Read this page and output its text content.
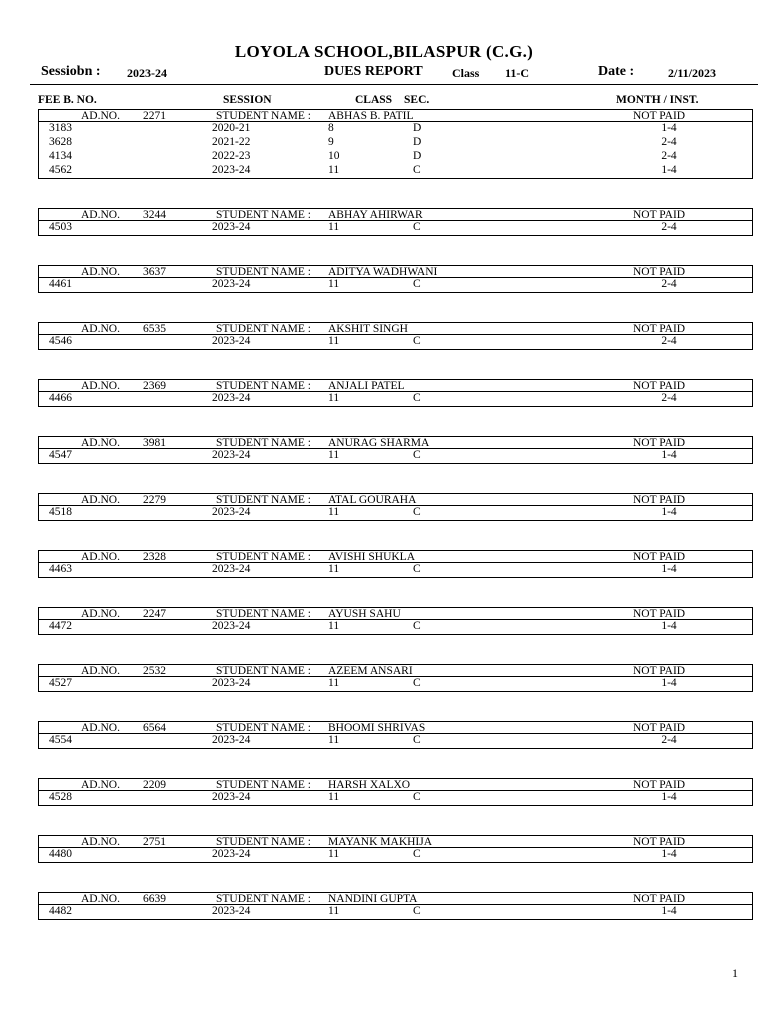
LOYOLA SCHOOL,BILASPUR (C.G.)
Sessiobn : 2023-24	DUES REPORT Class 11-C	Date :	2/11/2023
FEE B. NO.	SESSION	CLASS SEC.	MONTH / INST.
AD.NO. 2271	STUDENT NAME : ABHAS B. PATIL	NOT PAID
3183	2020-21	8	D	1-4
3628	2021-22	9	D	2-4
4134	2022-23	10	D	2-4
4562	2023-24	11	C	1-4
AD.NO. 3244	STUDENT NAME : ABHAY AHIRWAR	NOT PAID
4503	2023-24	11	C	2-4
AD.NO. 3637	STUDENT NAME : ADITYA WADHWANI	NOT PAID
4461	2023-24	11	C	2-4
AD.NO. 6535	STUDENT NAME : AKSHIT SINGH	NOT PAID
4546	2023-24	11	C	2-4
AD.NO. 2369	STUDENT NAME : ANJALI PATEL	NOT PAID
4466	2023-24	11	C	2-4
AD.NO. 3981	STUDENT NAME : ANURAG SHARMA	NOT PAID
4547	2023-24	11	C	1-4
AD.NO. 2279	STUDENT NAME : ATAL GOURAHA	NOT PAID
4518	2023-24	11	C	1-4
AD.NO. 2328	STUDENT NAME : AVISHI SHUKLA	NOT PAID
4463	2023-24	11	C	1-4
AD.NO. 2247	STUDENT NAME : AYUSH SAHU	NOT PAID
4472	2023-24	11	C	1-4
AD.NO. 2532	STUDENT NAME : AZEEM ANSARI	NOT PAID
4527	2023-24	11	C	1-4
AD.NO. 6564	STUDENT NAME : BHOOMI SHRIVAS	NOT PAID
4554	2023-24	11	C	2-4
AD.NO. 2209	STUDENT NAME : HARSH XALXO	NOT PAID
4528	2023-24	11	C	1-4
AD.NO. 2751	STUDENT NAME : MAYANK MAKHIJA	NOT PAID
4480	2023-24	11	C	1-4
AD.NO. 6639	STUDENT NAME : NANDINI GUPTA	NOT PAID
4482	2023-24	11	C	1-4
1
